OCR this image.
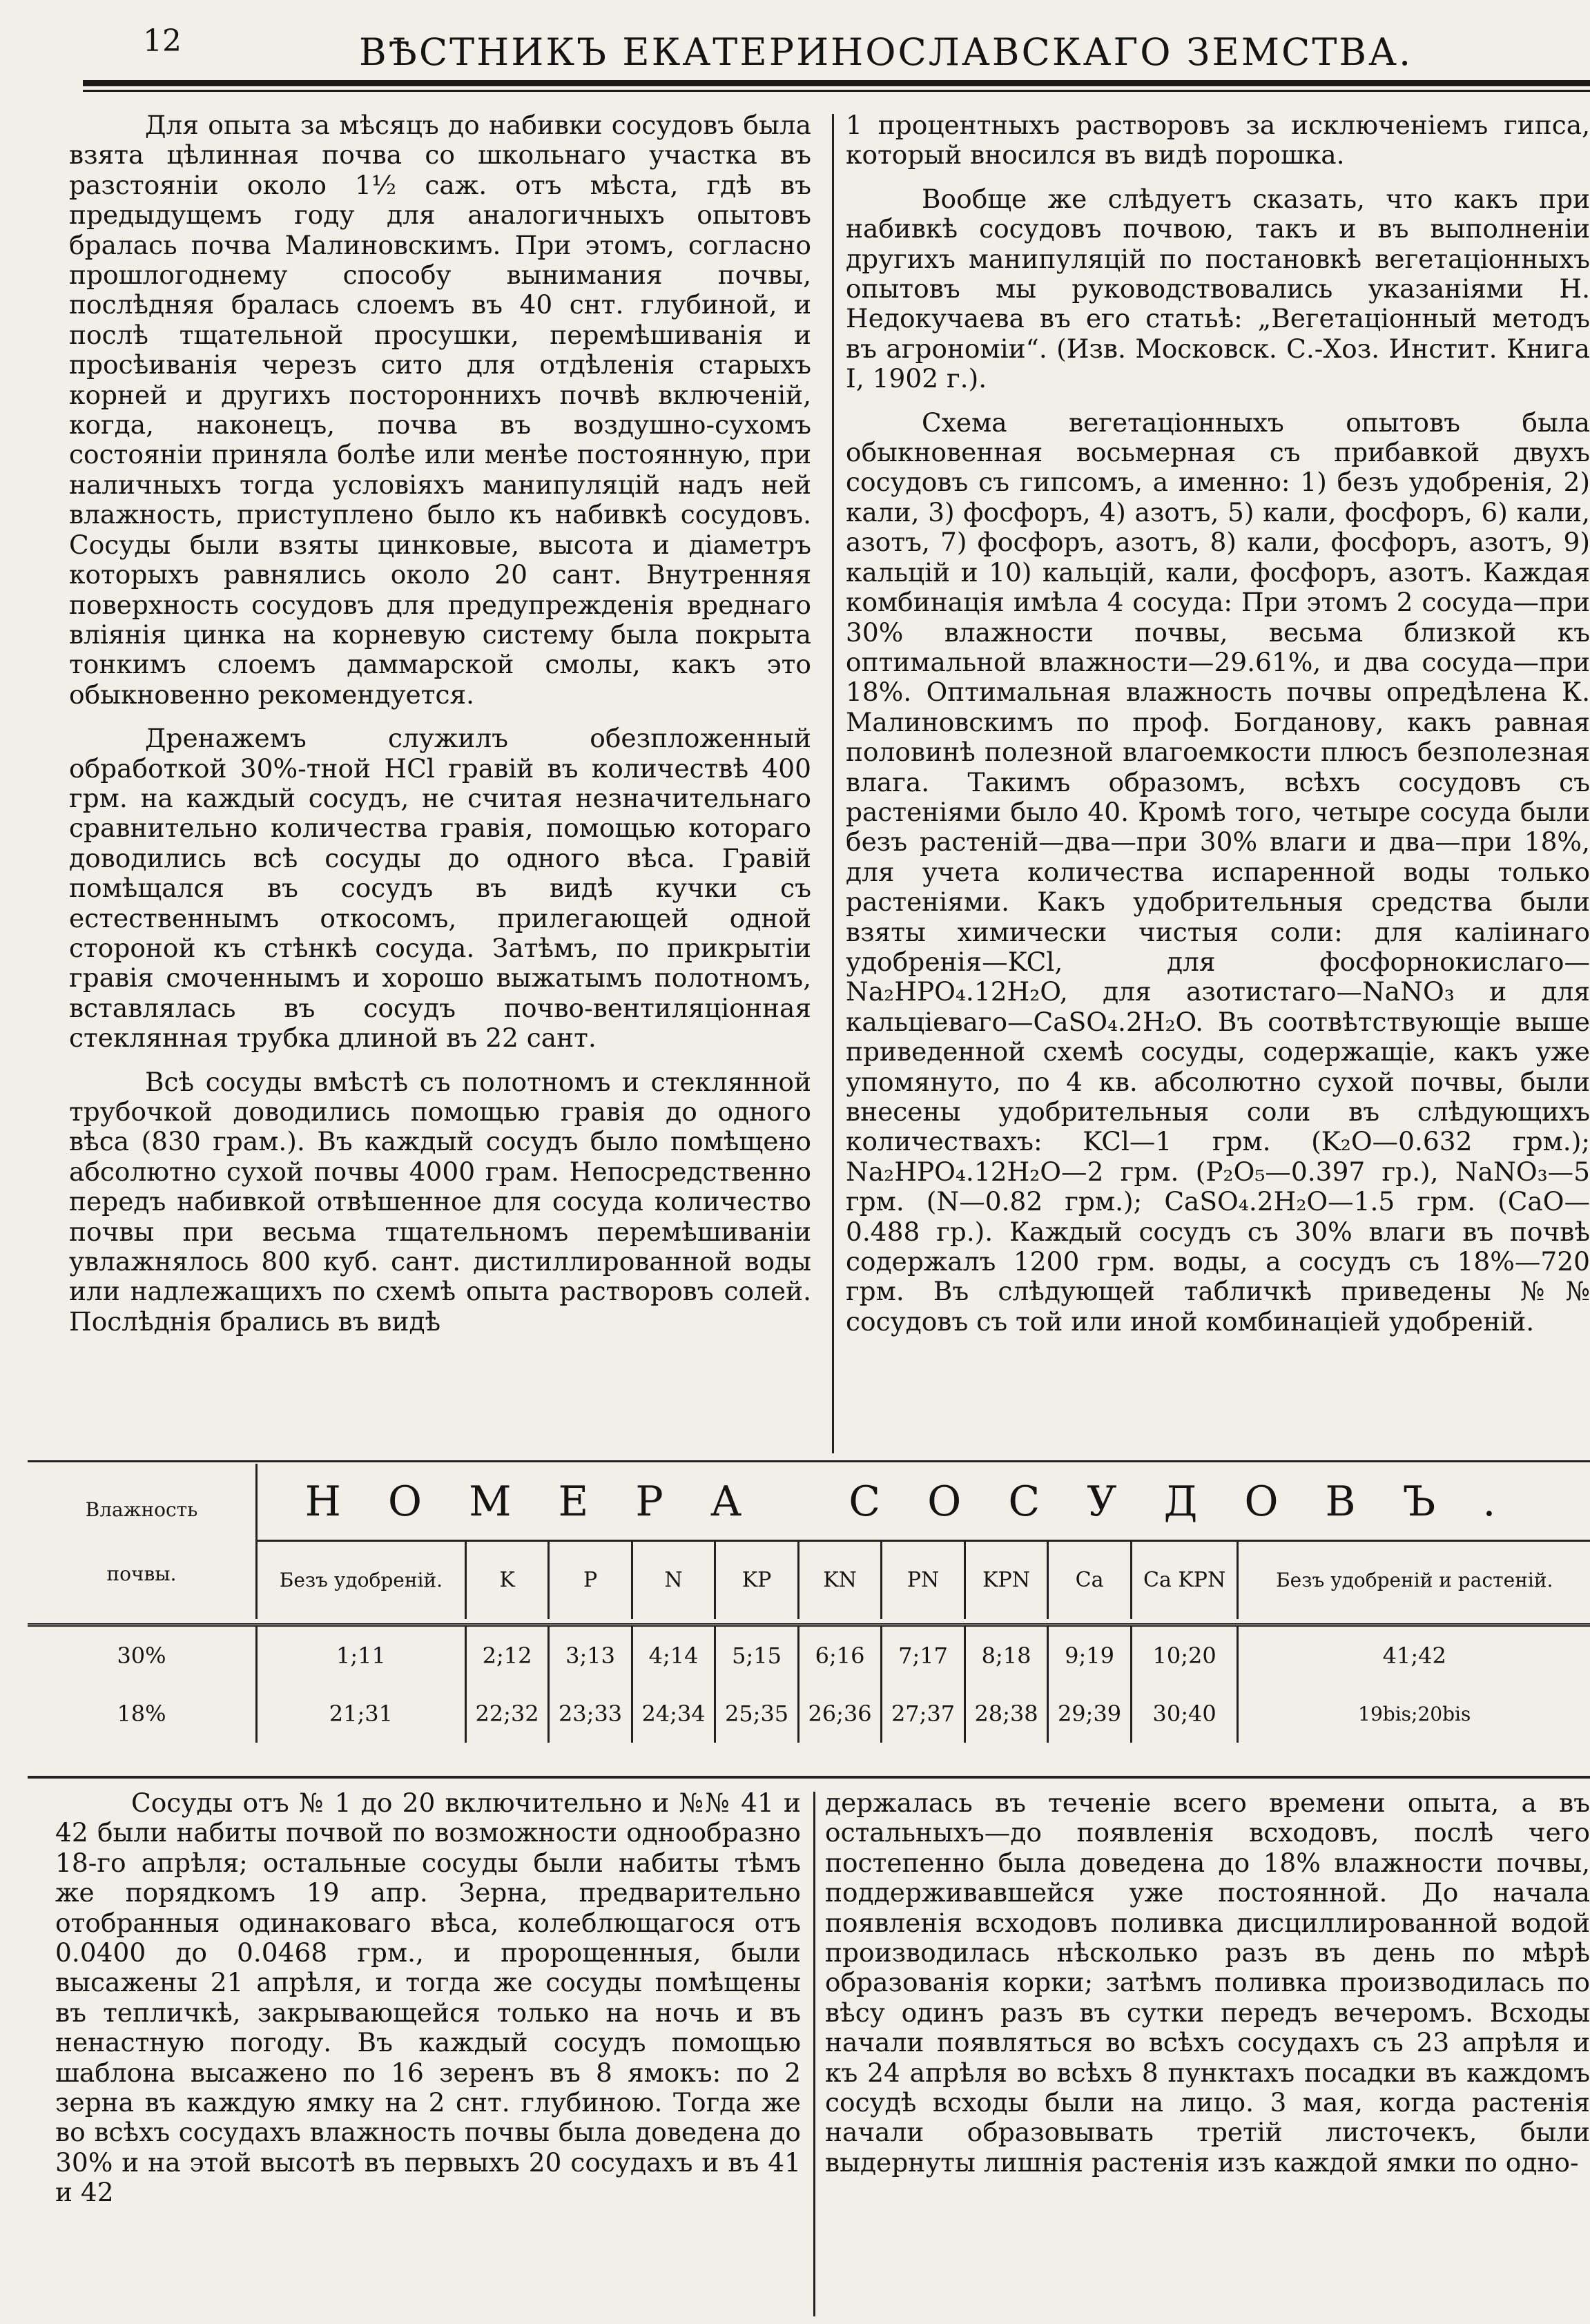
12	ВѢСТНИКЪ ЕКАТЕРИНОСЛАВСКАГО ЗЕМСТВА.

Для опыта за мѣсяцъ до набивки сосудовъ была взята цѣлинная почва со школьнаго участка въ разстояніи около 1½ саж. отъ мѣста, гдѣ въ предыдущемъ году для аналогичныхъ опытовъ бралась почва Малиновскимъ. При этомъ, согласно прошлогоднему способу вынимания почвы, послѣдняя бралась слоемъ въ 40 снт. глубиной, и послѣ тщательной просушки, перемѣшиванія и просѣиванія черезъ сито для отдѣленія старыхъ корней и другихъ постороннихъ почвѣ включеній, когда, наконецъ, почва въ воздушно-сухомъ состояніи приняла болѣе или менѣе постоянную, при наличныхъ тогда условіяхъ манипуляцій надъ ней влажность, приступлено было къ набивкѣ сосудовъ. Сосуды были взяты цинковые, высота и діаметръ которыхъ равнялись около 20 сант. Внутренняя поверхность сосудовъ для предупрежденія вреднаго вліянія цинка на корневую систему была покрыта тонкимъ слоемъ даммарской смолы, какъ это обыкновенно рекомендуется.

Дренажемъ служилъ обезпложенный обработкой 30%-тной HCl гравій въ количествѣ 400 грм. на каждый сосудъ, не считая незначительнаго сравнительно количества гравія, помощью котораго доводились всѣ сосуды до одного вѣса. Гравій помѣщался въ сосудъ въ видѣ кучки съ естественнымъ откосомъ, прилегающей одной стороной къ стѣнкѣ сосуда. Затѣмъ, по прикрытіи гравія смоченнымъ и хорошо выжатымъ полотномъ, вставлялась въ сосудъ почво-вентиляціонная стеклянная трубка длиной въ 22 сант.

Всѣ сосуды вмѣстѣ съ полотномъ и стеклянной трубочкой доводились помощью гравія до одного вѣса (830 грам.). Въ каждый сосудъ было помѣщено абсолютно сухой почвы 4000 грам. Непосредственно передъ набивкой отвѣшенное для сосуда количество почвы при весьма тщательномъ перемѣшиваніи увлажнялось 800 куб. сант. дистиллированной воды или надлежащихъ по схемѣ опыта растворовъ солей. Послѣднія брались въ видѣ

1 процентныхъ растворовъ за исключеніемъ гипса, который вносился въ видѣ порошка.

Вообще же слѣдуетъ сказать, что какъ при набивкѣ сосудовъ почвою, такъ и въ выполненіи другихъ манипуляцій по постановкѣ вегетаціонныхъ опытовъ мы руководствовались указаніями Н. Недокучаева въ его статьѣ: „Вегетаціонный методъ въ агрономіи“. (Изв. Московск. С.-Хоз. Инстит. Книга I, 1902 г.).

Схема вегетаціонныхъ опытовъ была обыкновенная восьмерная съ прибавкой двухъ сосудовъ съ гипсомъ, а именно: 1) безъ удобренія, 2) кали, 3) фосфоръ, 4) азотъ, 5) кали, фосфоръ, 6) кали, азотъ, 7) фосфоръ, азотъ, 8) кали, фосфоръ, азотъ, 9) кальцій и 10) кальцій, кали, фосфоръ, азотъ. Каждая комбинація имѣла 4 сосуда: При этомъ 2 сосуда—при 30% влажности почвы, весьма близкой къ оптимальной влажности—29.61%, и два сосуда—при 18%. Оптимальная влажность почвы опредѣлена К. Малиновскимъ по проф. Богданову, какъ равная половинѣ полезной влагоемкости плюсъ безполезная влага. Такимъ образомъ, всѣхъ сосудовъ съ растеніями было 40. Кромѣ того, четыре сосуда были безъ растеній—два—при 30% влаги и два—при 18%, для учета количества испаренной воды только растеніями. Какъ удобрительныя средства были взяты химически чистыя соли: для каліинаго удобренія—KCl, для фосфорнокислаго—Na₂HPO₄.12H₂O, для азотистаго—NaNO₃ и для кальціеваго—CaSO₄.2H₂O. Въ соотвѣтствующіе выше приведенной схемѣ сосуды, содержащіе, какъ уже упомянуто, по 4 кв. абсолютно сухой почвы, были внесены удобрительныя соли въ слѣдующихъ количествахъ: KCl—1 грм. (K₂O—0.632 грм.); Na₂HPO₄.12H₂O—2 грм. (P₂O₅—0.397 гр.), NaNO₃—5 грм. (N—0.82 грм.); CaSO₄.2H₂O—1.5 грм. (CaO—0.488 гр.). Каждый сосудъ съ 30% влаги въ почвѣ содержалъ 1200 грм. воды, а сосудъ съ 18%—720 грм. Въ слѣдующей табличкѣ приведены №№ сосудовъ съ той или иной комбинаціей удобреній.

Влажность
почвы.	НОМЕРА СОСУДОВЪ.										
	Безъ удобреній.	K	P	N	KP	KN	PN	KPN	Ca	Ca KPN	Безъ удобреній и растеній.

30%	1;11	2;12	3;13	4;14	5;15	6;16	7;17	8;18	9;19	10;20	41;42
18%	21;31	22;32	23;33	24;34	25;35	26;36	27;37	28;38	29;39	30;40	19bis;20bis

Сосуды отъ № 1 до 20 включительно и №№ 41 и 42 были набиты почвой по возможности однообразно 18-го апрѣля; остальные сосуды были набиты тѣмъ же порядкомъ 19 апр. Зерна, предварительно отобранныя одинаковаго вѣса, колеблющагося отъ 0.0400 до 0.0468 грм., и пророщенныя, были высажены 21 апрѣля, и тогда же сосуды помѣщены въ тепличкѣ, закрывающейся только на ночь и въ ненастную погоду. Въ каждый сосудъ помощью шаблона высажено по 16 зеренъ въ 8 ямокъ: по 2 зерна въ каждую ямку на 2 снт. глубиною. Тогда же во всѣхъ сосудахъ влажность почвы была доведена до 30% и на этой высотѣ въ первыхъ 20 сосудахъ и въ 41 и 42

держалась въ теченіе всего времени опыта, а въ остальныхъ—до появленія всходовъ, послѣ чего постепенно была доведена до 18% влажности почвы, поддерживавшейся уже постоянной. До начала появленія всходовъ поливка дисциллированной водой производилась нѣсколько разъ въ день по мѣрѣ образованія корки; затѣмъ поливка производилась по вѣсу одинъ разъ въ сутки передъ вечеромъ. Всходы начали появляться во всѣхъ сосудахъ съ 23 апрѣля и къ 24 апрѣля во всѣхъ 8 пунктахъ посадки въ каждомъ сосудѣ всходы были на лицо. 3 мая, когда растенія начали образовывать третій листочекъ, были выдернуты лишнія растенія изъ каждой ямки по одно-
